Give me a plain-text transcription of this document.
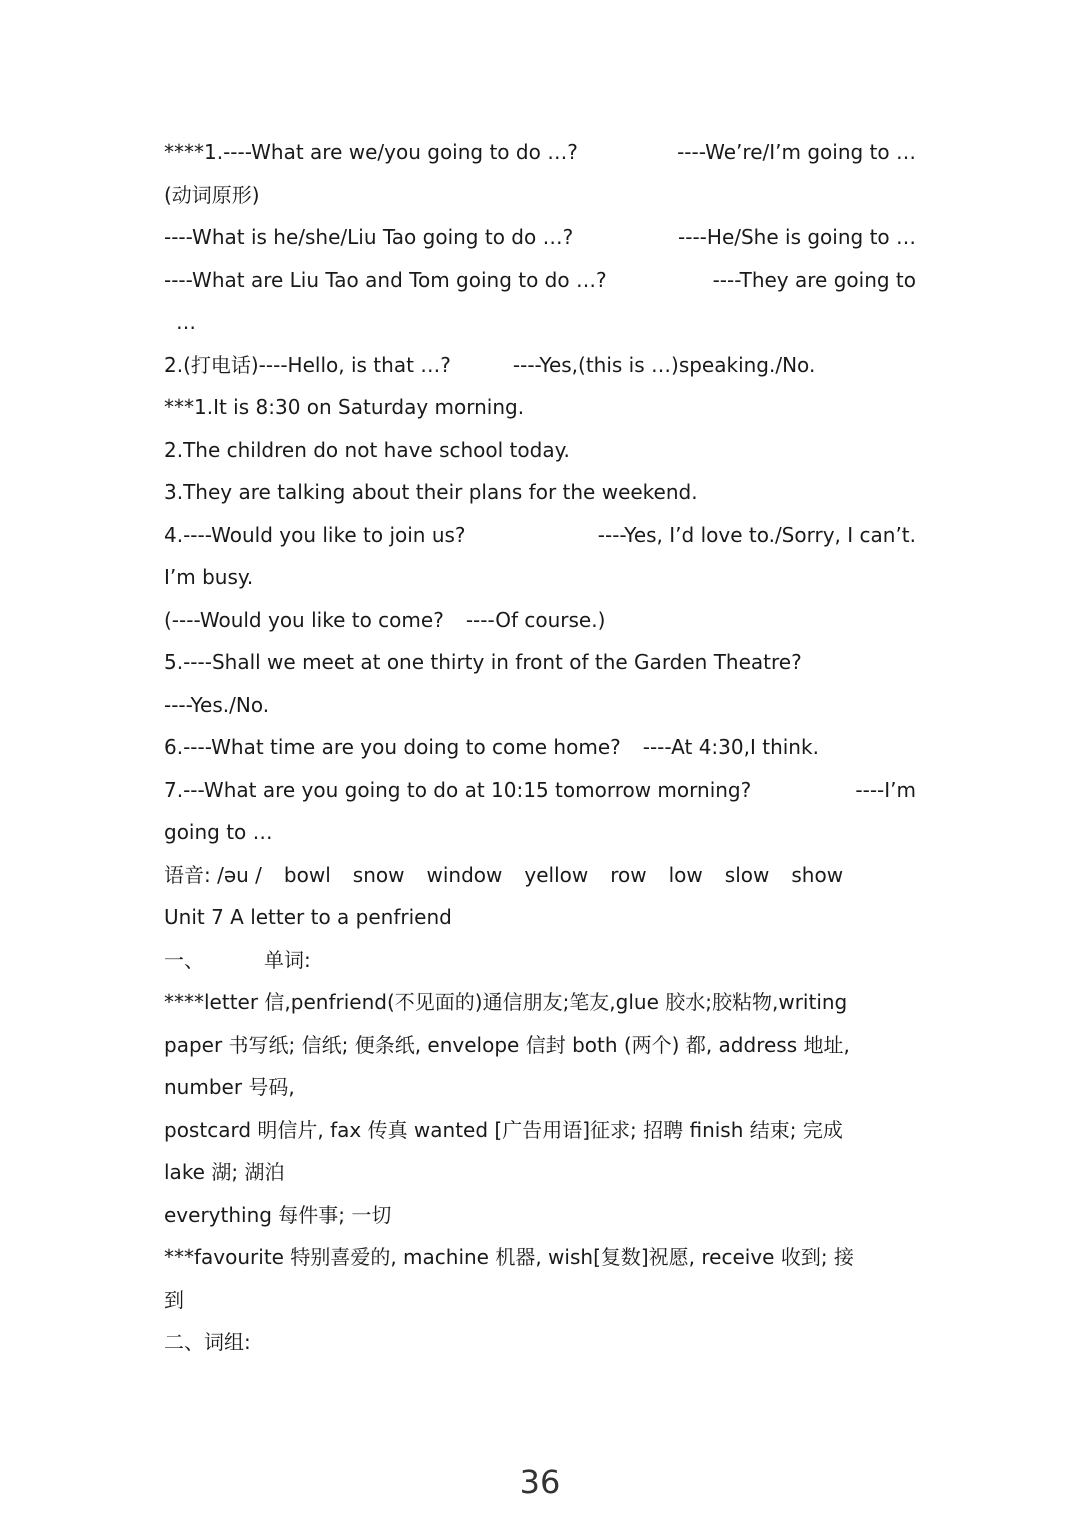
****1.----What are we/you going to do …?	----We’re/I’m going to …
(动词原形)
----What is he/she/Liu Tao going to do …?	----He/She is going to …
----What are Liu Tao and Tom going to do …?	----They are going to
…
2.(打电话)----Hello, is that …?	----Yes,(this is …)speaking./No.
***1.It is 8:30 on Saturday morning.
2.The children do not have school today.
3.They are talking about their plans for the weekend.
4.----Would you like to join us?	----Yes, I’d love to./Sorry, I can’t.
I’m busy.
(----Would you like to come? ----Of course.)
5.----Shall we meet at one thirty in front of the Garden Theatre?
----Yes./No.
6.----What time are you doing to come home? ----At 4:30,I think.
7.---What are you going to do at 10:15 tomorrow morning?	----I’m
going to …
语音: /əu / bowl snow window yellow row low slow show
Unit 7 A letter to a penfriend
一、	单词:
****letter 信,penfriend(不见面的)通信朋友;笔友,glue 胶水;胶粘物,writing
paper 书写纸; 信纸; 便条纸, envelope 信封 both (两个) 都, address 地址,
number 号码,
postcard 明信片, fax 传真 wanted [广告用语]征求; 招聘 finish 结束; 完成
lake 湖; 湖泊
everything 每件事; 一切
***favourite 特别喜爱的, machine 机器, wish[复数]祝愿, receive 收到; 接
到
二、词组:
36
